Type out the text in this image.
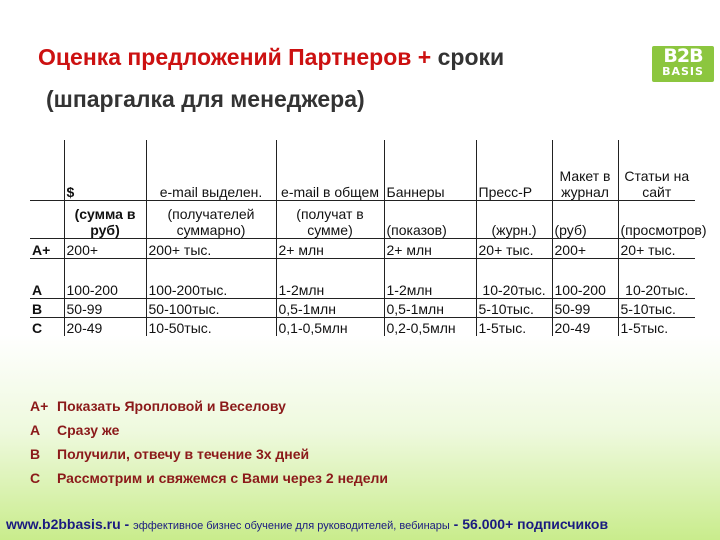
Оценка предложений Партнеров + сроки
(шпаргалка для менеджера)
B2B
BASIS
	$	e-mail выделен.	e-mail в общем	Баннеры	Пресс-Р	Макет в журнал	Статьи на сайт
	(сумма в руб)	(получателей суммарно)	(получат в сумме)	(показов)	(журн.)	(руб)	(просмотров)
A+	200+	200+ тыс.	2+ млн	2+ млн	20+ тыс.	200+	20+ тыс.
A	100-200	100-200тыс.	1-2млн	1-2млн	10-20тыс.	100-200	10-20тыс.
B	50-99	50-100тыс.	0,5-1млн	0,5-1млн	5-10тыс.	50-99	5-10тыс.
C	20-49	10-50тыс.	0,1-0,5млн	0,2-0,5млн	1-5тыс.	20-49	1-5тыс.
A+ Показать Яропловой и Веселову
A Сразу же
B Получили, отвечу в течение 3х дней
C Рассмотрим и свяжемся с Вами через 2 недели
www.b2bbasis.ru - эффективное бизнес обучение для руководителей, вебинары - 56.000+ подписчиков
